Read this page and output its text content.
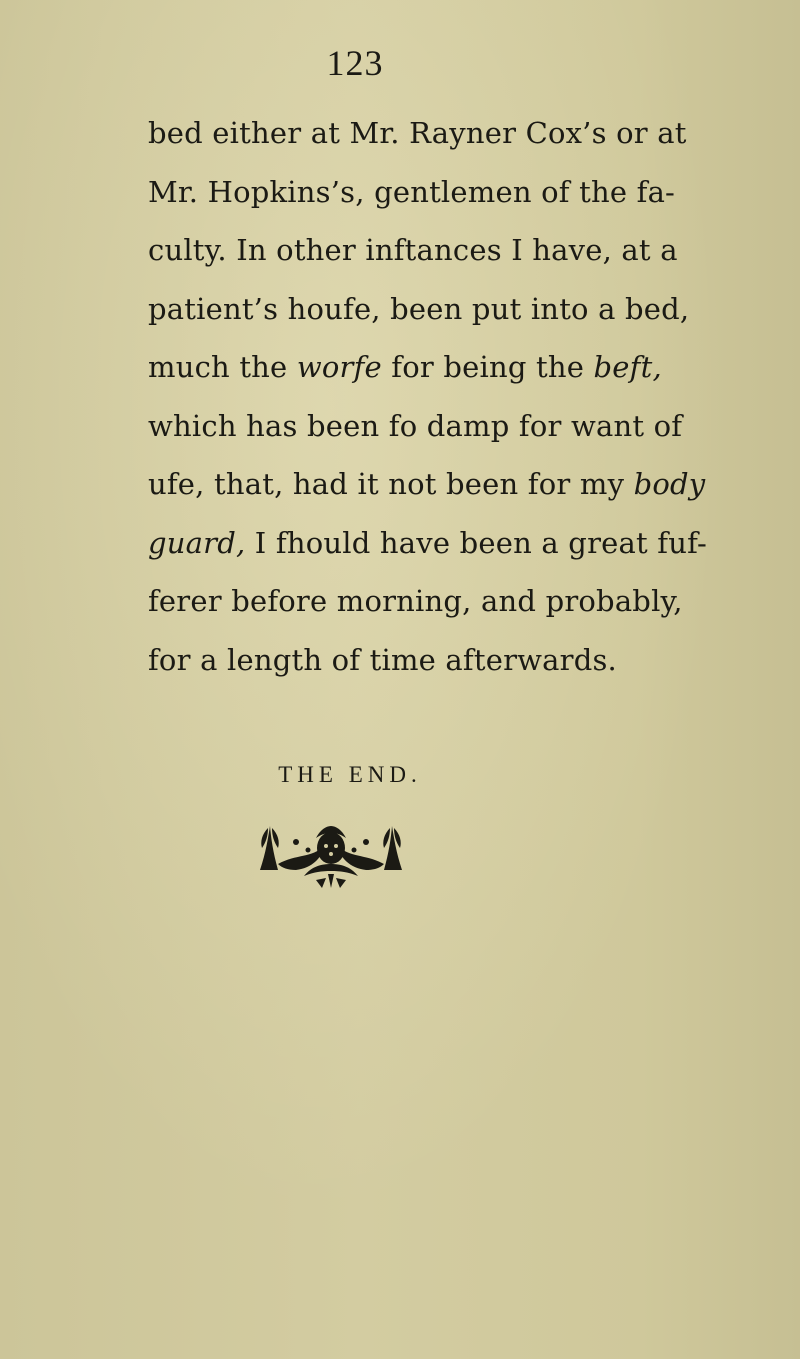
123
bed either at Mr. Rayner Cox’s or at
Mr. Hopkins’s, gentlemen of the fa-
culty. In other inftances I have, at a
patient’s houfe, been put into a bed,
much the worfe for being the beft,
which has been fo damp for want of
ufe, that, had it not been for my body
guard, I fhould have been a great fuf-
ferer before morning, and probably,
for a length of time afterwards.
THE END.
